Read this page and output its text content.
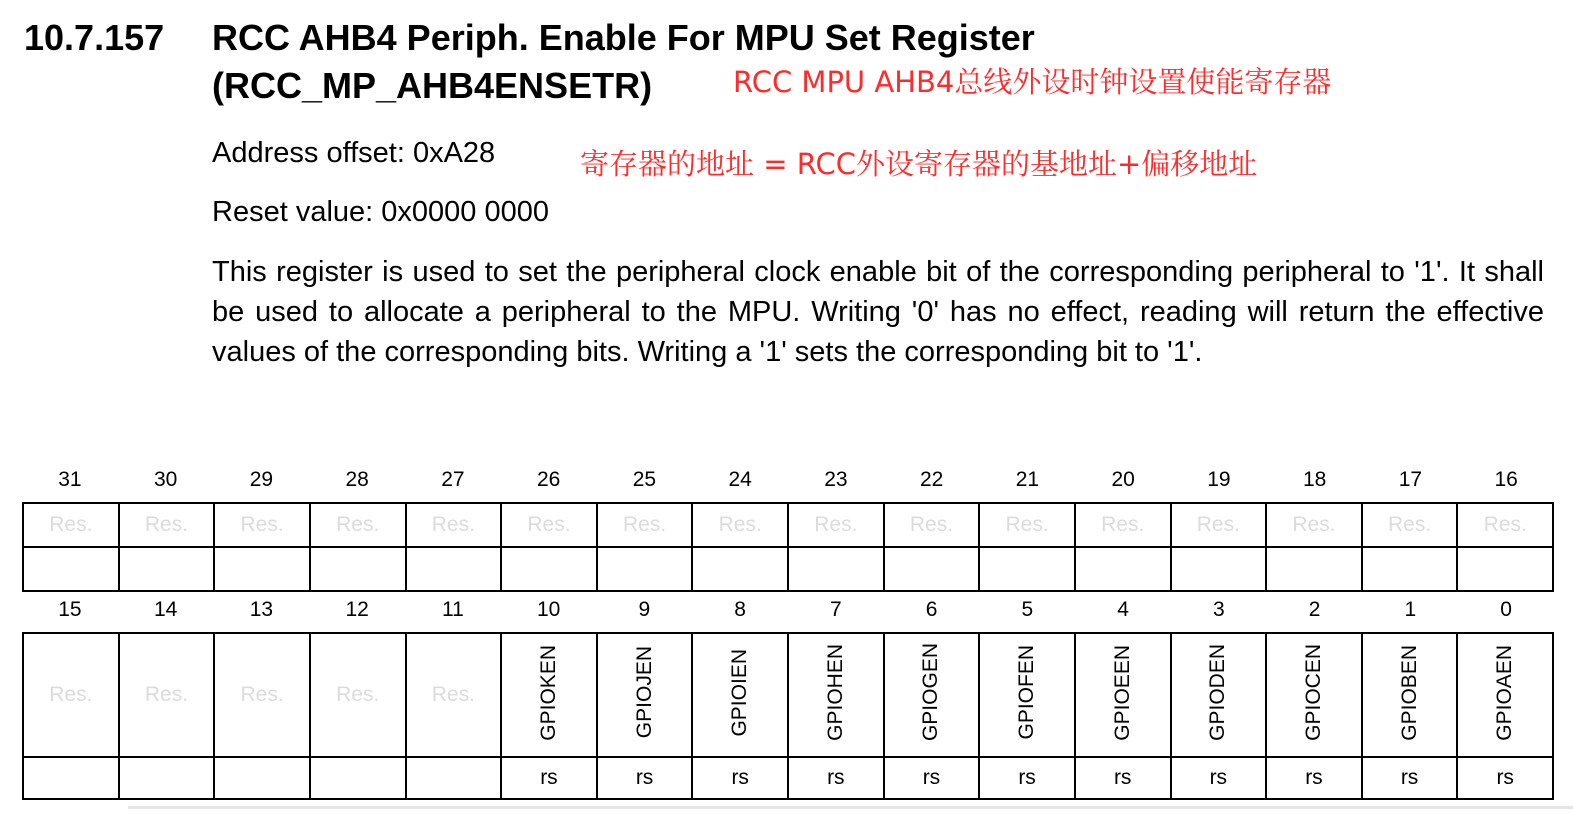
10.7.157 RCC AHB4 Periph. Enable For MPU Set Register
(RCC_MP_AHB4ENSETR)	RCC MPU AHB4总线外设时钟设置使能寄存器
Address offset: 0xA28	寄存器的地址 = RCC外设寄存器的基地址+偏移地址
Reset value: 0x0000 0000
This register is used to set the peripheral clock enable bit of the corresponding peripheral to '1'. It shall be used to allocate a peripheral to the MPU. Writing '0' has no effect, reading will return the effective values of the corresponding bits. Writing a '1' sets the corresponding bit to '1'.
31	30	29	28	27	26	25	24	23	22	21	20	19	18	17	16
Res.	Res.	Res.	Res.	Res.	Res.	Res.	Res.	Res.	Res.	Res.	Res.	Res.	Res.	Res.	Res.

15	14	13	12	11	10	9	8	7	6	5	4	3	2	1	0
Res.	Res.	Res.	Res.	Res.	GPIOKEN	GPIOJEN	GPIOIEN	GPIOHEN	GPIOGEN	GPIOFEN	GPIOEEN	GPIODEN	GPIOCEN	GPIOBEN	GPIOAEN
					rs	rs	rs	rs	rs	rs	rs	rs	rs	rs	rs
